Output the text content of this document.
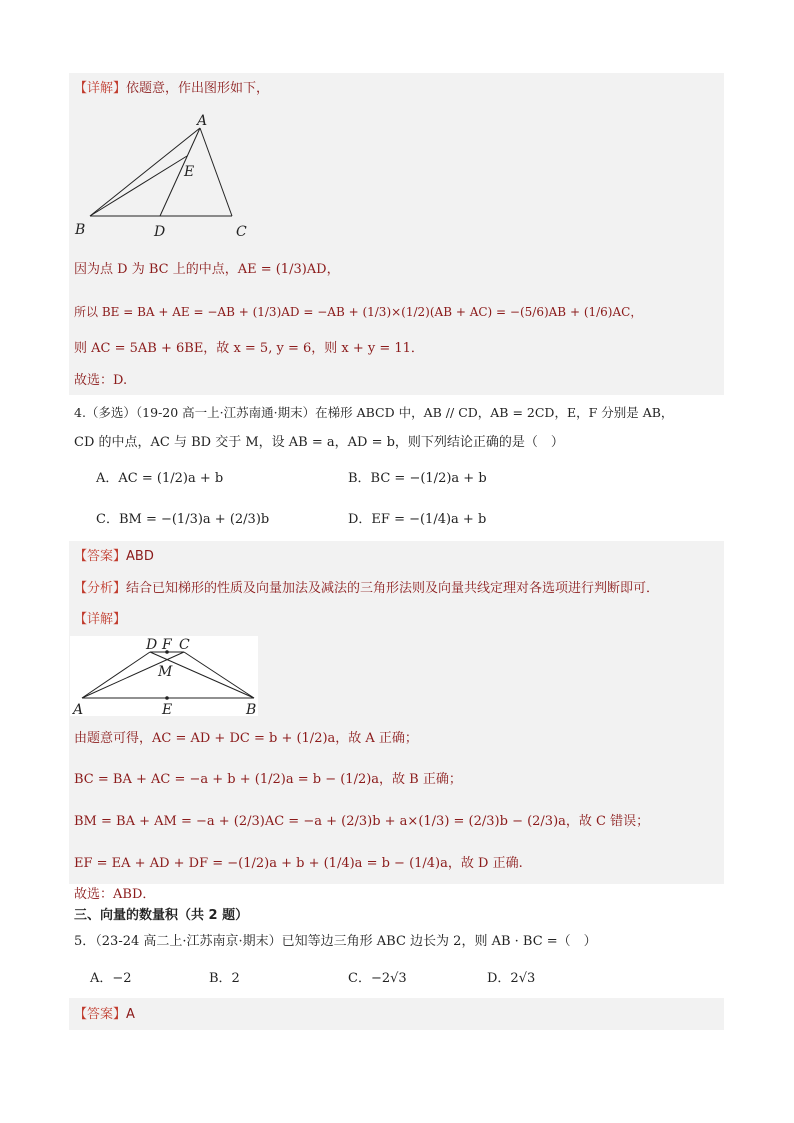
【详解】依题意，作出图形如下，
A
B	C
D
E
因为点 D 为 BC 上的中点，AE = (1/3)AD，
所以 BE = BA + AE = −AB + (1/3)AD = −AB + (1/3)×(1/2)(AB + AC) = −(5/6)AB + (1/6)AC，
则 AC = 5AB + 6BE，故 x = 5, y = 6，则 x + y = 11．
故选：D.
4.（多选）（19-20 高一上·江苏南通·期末）在梯形 ABCD 中，AB // CD，AB = 2CD，E，F 分别是 AB，
CD 的中点，AC 与 BD 交于 M，设 AB = a，AD = b，则下列结论正确的是（　）
A．AC = (1/2)a + b	B．BC = −(1/2)a + b
C．BM = −(1/3)a + (2/3)b	D．EF = −(1/4)a + b
【答案】ABD
【分析】结合已知梯形的性质及向量加法及减法的三角形法则及向量共线定理对各选项进行判断即可．
【详解】
D F C
M
A	E	B
由题意可得，AC = AD + DC = b + (1/2)a，故 A 正确；
BC = BA + AC = −a + b + (1/2)a = b − (1/2)a，故 B 正确；
BM = BA + AM = −a + (2/3)AC = −a + (2/3)b + a×(1/3) = (2/3)b − (2/3)a，故 C 错误；
EF = EA + AD + DF = −(1/2)a + b + (1/4)a = b − (1/4)a，故 D 正确.
故选：ABD．
三、向量的数量积（共 2 题）
5．（23-24 高二上·江苏南京·期末）已知等边三角形 ABC 边长为 2，则 AB · BC =（　）
A．−2	B．2	C．−2√3	D．2√3
【答案】A
